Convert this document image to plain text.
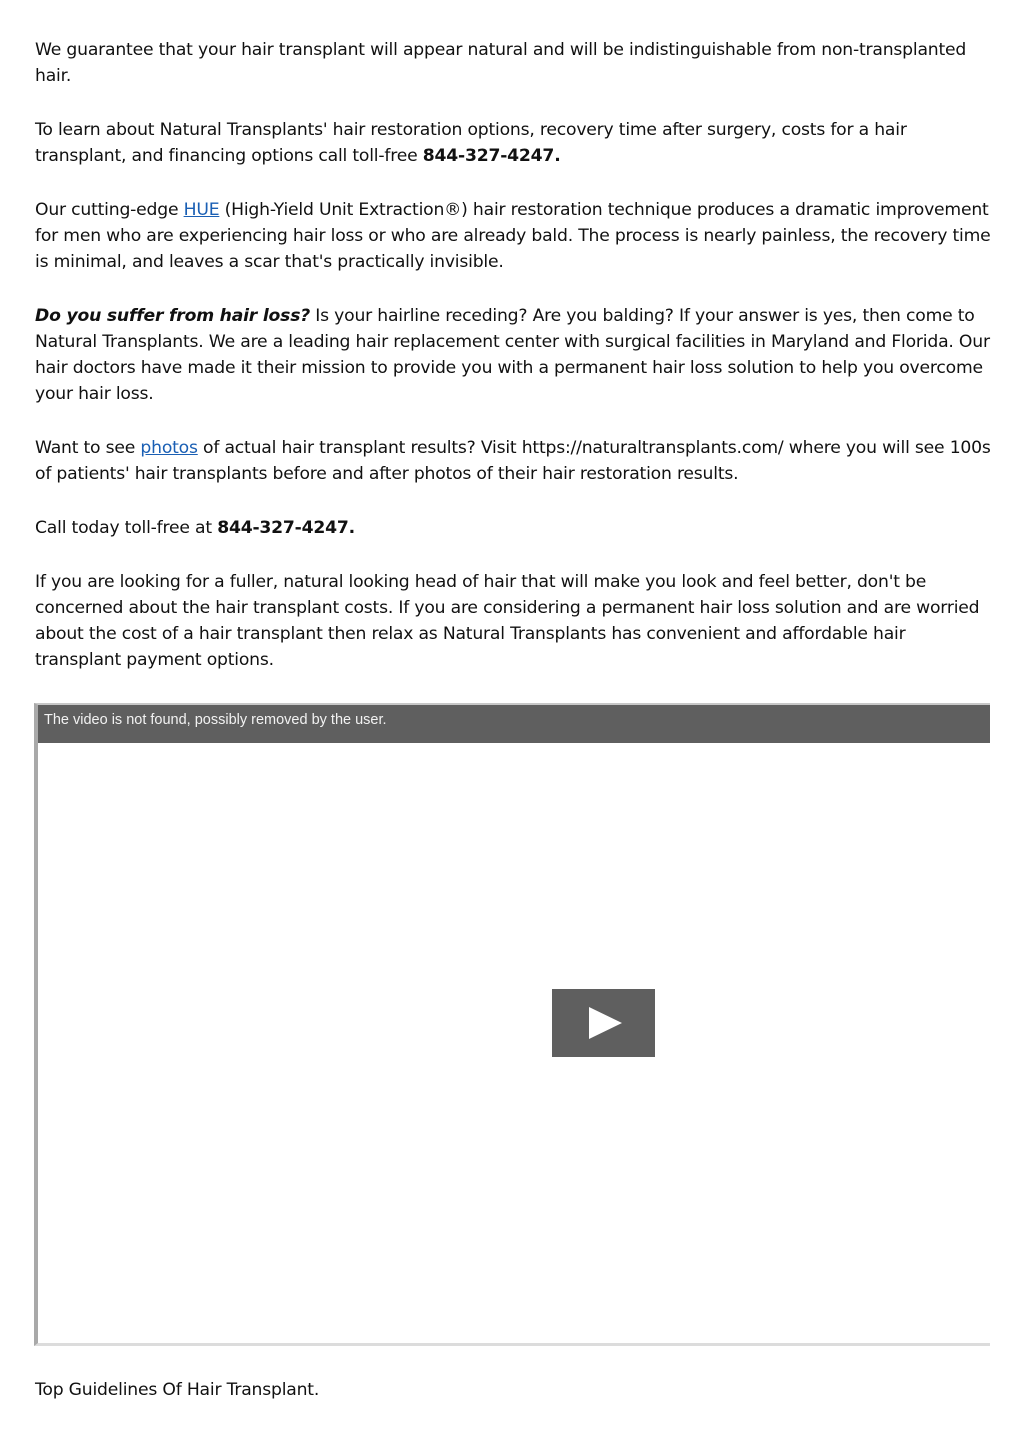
We guarantee that your hair transplant will appear natural and will be indistinguishable from non-transplanted hair.

To learn about Natural Transplants' hair restoration options, recovery time after surgery, costs for a hair transplant, and financing options call toll-free 844-327-4247.

Our cutting-edge HUE (High-Yield Unit Extraction®) hair restoration technique produces a dramatic improvement for men who are experiencing hair loss or who are already bald. The process is nearly painless, the recovery time is minimal, and leaves a scar that's practically invisible.

Do you suffer from hair loss? Is your hairline receding? Are you balding? If your answer is yes, then come to Natural Transplants. We are a leading hair replacement center with surgical facilities in Maryland and Florida. Our hair doctors have made it their mission to provide you with a permanent hair loss solution to help you overcome your hair loss.

Want to see photos of actual hair transplant results? Visit https://naturaltransplants.com/ where you will see 100s of patients' hair transplants before and after photos of their hair restoration results.

Call today toll-free at 844-327-4247.

If you are looking for a fuller, natural looking head of hair that will make you look and feel better, don't be concerned about the hair transplant costs. If you are considering a permanent hair loss solution and are worried about the cost of a hair transplant then relax as Natural Transplants has convenient and affordable hair transplant payment options.

The video is not found, possibly removed by the user.
Top Guidelines Of Hair Transplant.
